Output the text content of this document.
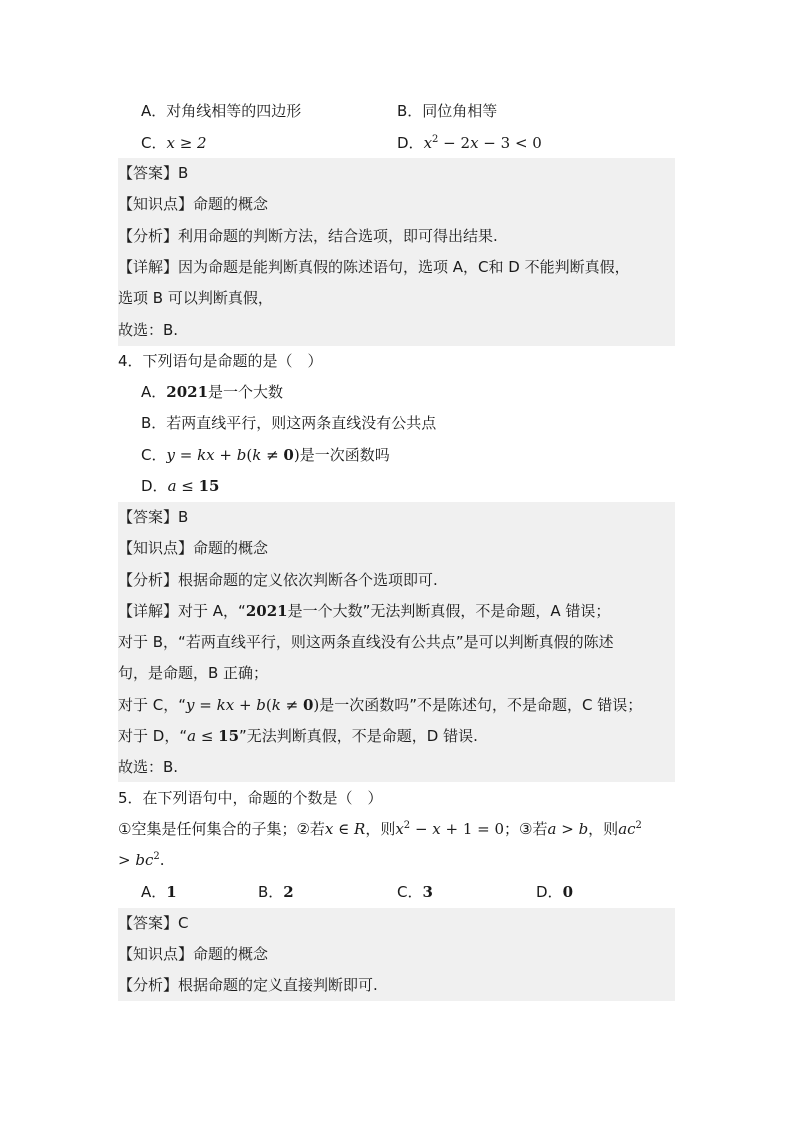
A．对角线相等的四边形	B．同位角相等
C．x ≥ 2	D．$x^2 - 2x - 3 < 0$
【答案】B
【知识点】命题的概念
【分析】利用命题的判断方法，结合选项，即可得出结果.
【详解】因为命题是能判断真假的陈述语句，选项 A，C和 D 不能判断真假，
选项 B 可以判断真假，
故选：B.
4．下列语句是命题的是（　）
A．2021是一个大数
B．若两直线平行，则这两条直线没有公共点
C．y = kx + b(k ≠ 0)是一次函数吗
D．a ≤ 15
【答案】B
【知识点】命题的概念
【分析】根据命题的定义依次判断各个选项即可.
【详解】对于 A，“2021是一个大数”无法判断真假，不是命题，A 错误；
对于 B，“若两直线平行，则这两条直线没有公共点”是可以判断真假的陈述
句，是命题，B 正确；
对于 C，“y = kx + b(k ≠ 0)是一次函数吗”不是陈述句，不是命题，C 错误；
对于 D，“a ≤ 15”无法判断真假，不是命题，D 错误.
故选：B.
5．在下列语句中，命题的个数是（　）
①空集是任何集合的子集；②若x ∈ R，则$x^2 - x + 1 = 0$；③若a > b，则$ac^2$
> $bc^2$.
A．1	B．2	C．3	D．0
【答案】C
【知识点】命题的概念
【分析】根据命题的定义直接判断即可.
